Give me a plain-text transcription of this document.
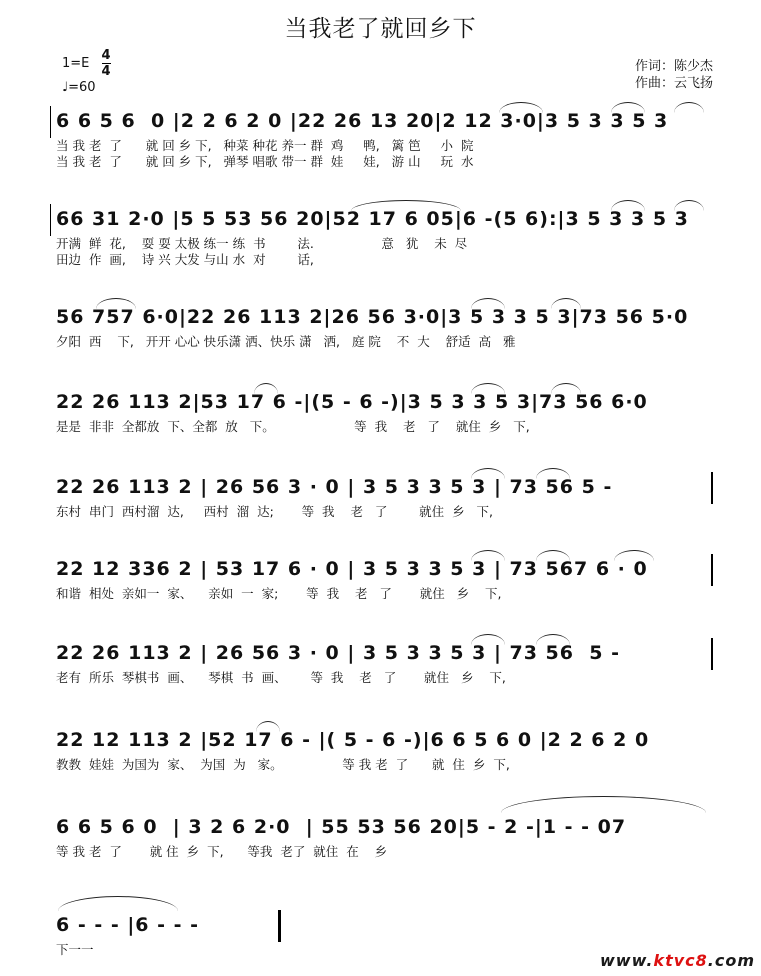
当我老了就回乡下
$1=E \frac{4}{4}$
♩=60
作词：陈少杰
作曲：云飞扬
6 6 5 6  0 |2 2 6 2 0 |22 26 13 20|2 12 3·0|3 5 3 3 5 3
当 我 老  了      就 回 乡 下,   种菜 种花 养一 群  鸡     鸭,   篱 笆     小  院
当 我 老  了      就 回 乡 下,   弹琴 唱歌 带一 群  娃     娃,   游 山     玩  水
66 31 2·0 |5 5 53 56 20|52 17 6 05|6 -(5 6):|3 5 3 3 5 3
开满  鲜  花,    耍 耍 太极 练一 练  书        法.                 意   犹    未  尽
田边  作  画,    诗 兴 大发 与山 水  对        话,
56 757 6·0|22 26 113 2|26 56 3·0|3 5 3 3 5 3|73 56 5·0
夕阳  西    下,   开开 心心 快乐潇 洒、快乐 潇   洒,   庭 院    不  大    舒适  高   雅
22 26 113 2|53 17 6 -|(5 - 6 -)|3 5 3 3 5 3|73 56 6·0
是是  非非  全都放  下、全都  放   下。                    等  我    老   了    就住  乡   下,
22 26 113 2 | 26 56 3 · 0 | 3 5 3 3 5 3 | 73 56 5 -
东村  串门  西村溜  达,     西村  溜  达;       等  我    老   了        就住  乡   下,
22 12 336 2 | 53 17 6 · 0 | 3 5 3 3 5 3 | 73 567 6 · 0
和谐  相处  亲如一  家、    亲如  一  家;       等  我    老   了       就住   乡    下,
22 26 113 2 | 26 56 3 · 0 | 3 5 3 3 5 3 | 73 56  5 -
老有  所乐  琴棋书  画、    琴棋  书  画、      等  我    老   了       就住   乡    下,
22 12 113 2 |52 17 6 - |( 5 - 6 -)|6 6 5 6 0 |2 2 6 2 0
教教  娃娃  为国为  家、  为国  为   家。               等 我 老  了      就  住  乡  下,
6 6 5 6 0  | 3 2 6 2·0  | 55 53 56 20|5 - 2 -|1 - - 07
等 我 老  了       就 住  乡  下,      等我  老了  就住  在    乡
6 - - - |6 - - -
下一一
www.ktvc8.com
